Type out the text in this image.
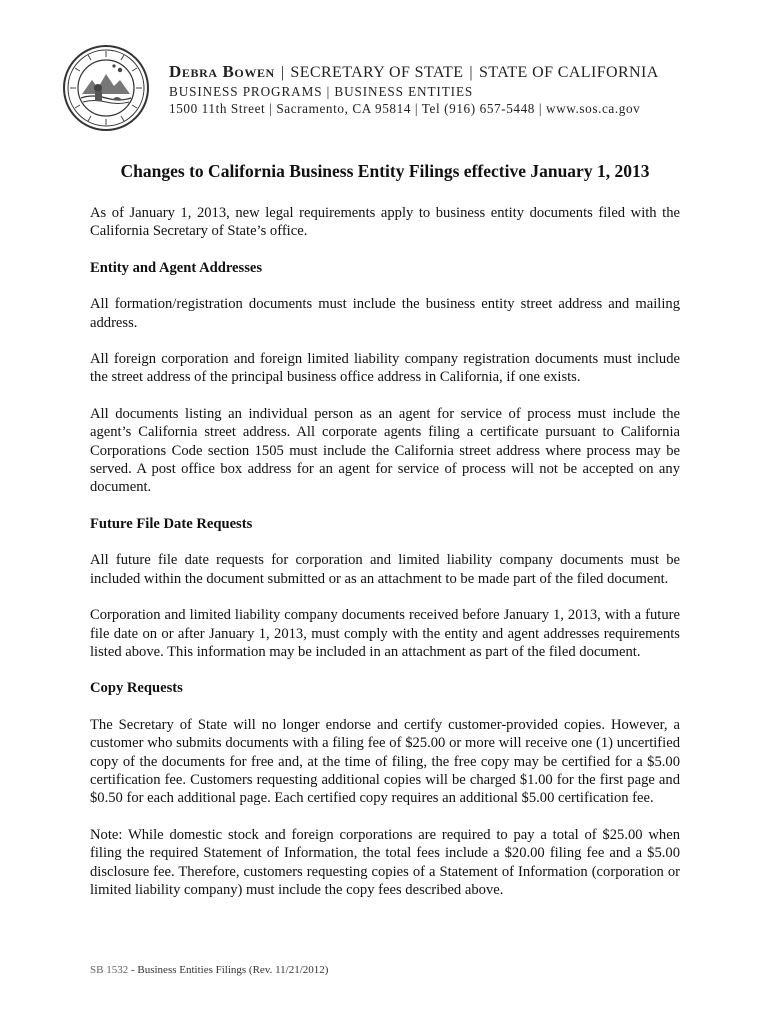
Debra Bowen | SECRETARY OF STATE | STATE OF CALIFORNIA
BUSINESS PROGRAMS | BUSINESS ENTITIES
1500 11th Street | Sacramento, CA 95814 | Tel (916) 657-5448 | www.sos.ca.gov
Changes to California Business Entity Filings effective January 1, 2013

As of January 1, 2013, new legal requirements apply to business entity documents filed with the California Secretary of State’s office.

Entity and Agent Addresses

All formation/registration documents must include the business entity street address and mailing address.

All foreign corporation and foreign limited liability company registration documents must include the street address of the principal business office address in California, if one exists.

All documents listing an individual person as an agent for service of process must include the agent’s California street address. All corporate agents filing a certificate pursuant to California Corporations Code section 1505 must include the California street address where process may be served. A post office box address for an agent for service of process will not be accepted on any document.

Future File Date Requests

All future file date requests for corporation and limited liability company documents must be included within the document submitted or as an attachment to be made part of the filed document.

Corporation and limited liability company documents received before January 1, 2013, with a future file date on or after January 1, 2013, must comply with the entity and agent addresses requirements listed above. This information may be included in an attachment as part of the filed document.

Copy Requests

The Secretary of State will no longer endorse and certify customer-provided copies. However, a customer who submits documents with a filing fee of $25.00 or more will receive one (1) uncertified copy of the documents for free and, at the time of filing, the free copy may be certified for a $5.00 certification fee. Customers requesting additional copies will be charged $1.00 for the first page and $0.50 for each additional page. Each certified copy requires an additional $5.00 certification fee.

Note: While domestic stock and foreign corporations are required to pay a total of $25.00 when filing the required Statement of Information, the total fees include a $20.00 filing fee and a $5.00 disclosure fee. Therefore, customers requesting copies of a Statement of Information (corporation or limited liability company) must include the copy fees described above.

SB 1532 - Business Entities Filings (Rev. 11/21/2012)
